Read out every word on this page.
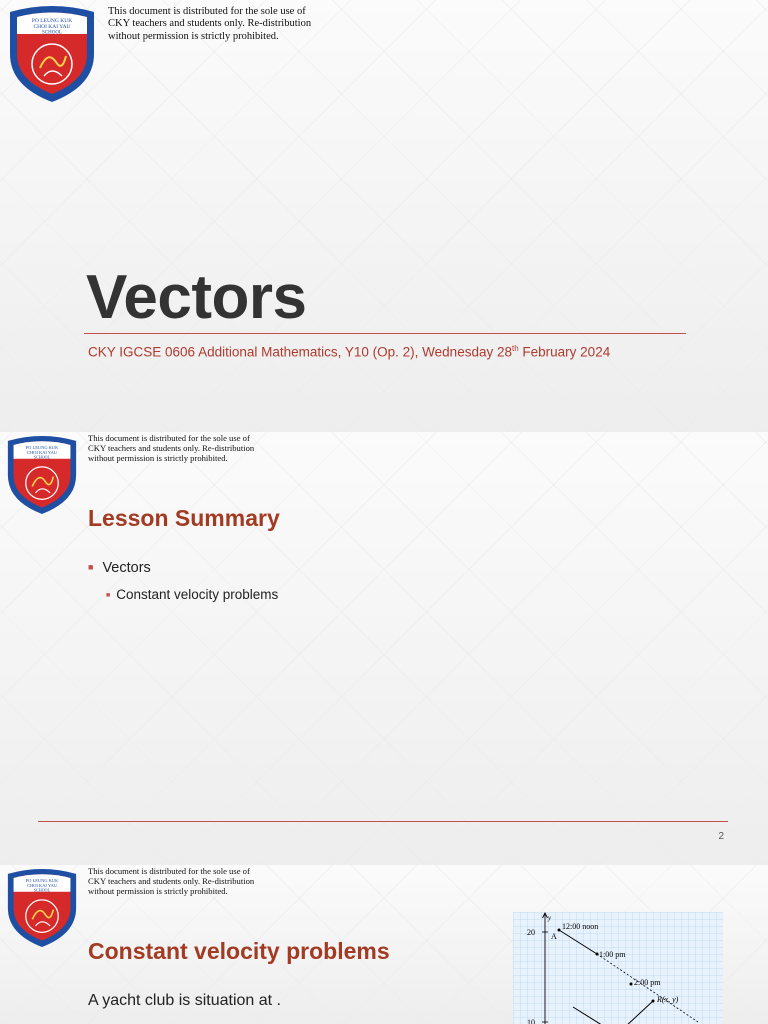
PO LEUNG KUK
CHOI KAI YAU
SCHOOL
This document is distributed for the sole use of
CKY teachers and students only. Re-distribution
without permission is strictly prohibited.
Vectors
CKY IGCSE 0606 Additional Mathematics, Y10 (Op. 2), Wednesday 28th February 2024
PO LEUNG KUK
CHOI KAI YAU
SCHOOL
This document is distributed for the sole use of
CKY teachers and students only. Re-distribution
without permission is strictly prohibited.
Lesson Summary
■ Vectors
■ Constant velocity problems
2
PO LEUNG KUK
CHOI KAI YAU
SCHOOL
This document is distributed for the sole use of
CKY teachers and students only. Re-distribution
without permission is strictly prohibited.
Constant velocity problems
A yacht club is situation at .
y
20
10
A
12:00 noon
1:00 pm
2:00 pm
R(x, y)
